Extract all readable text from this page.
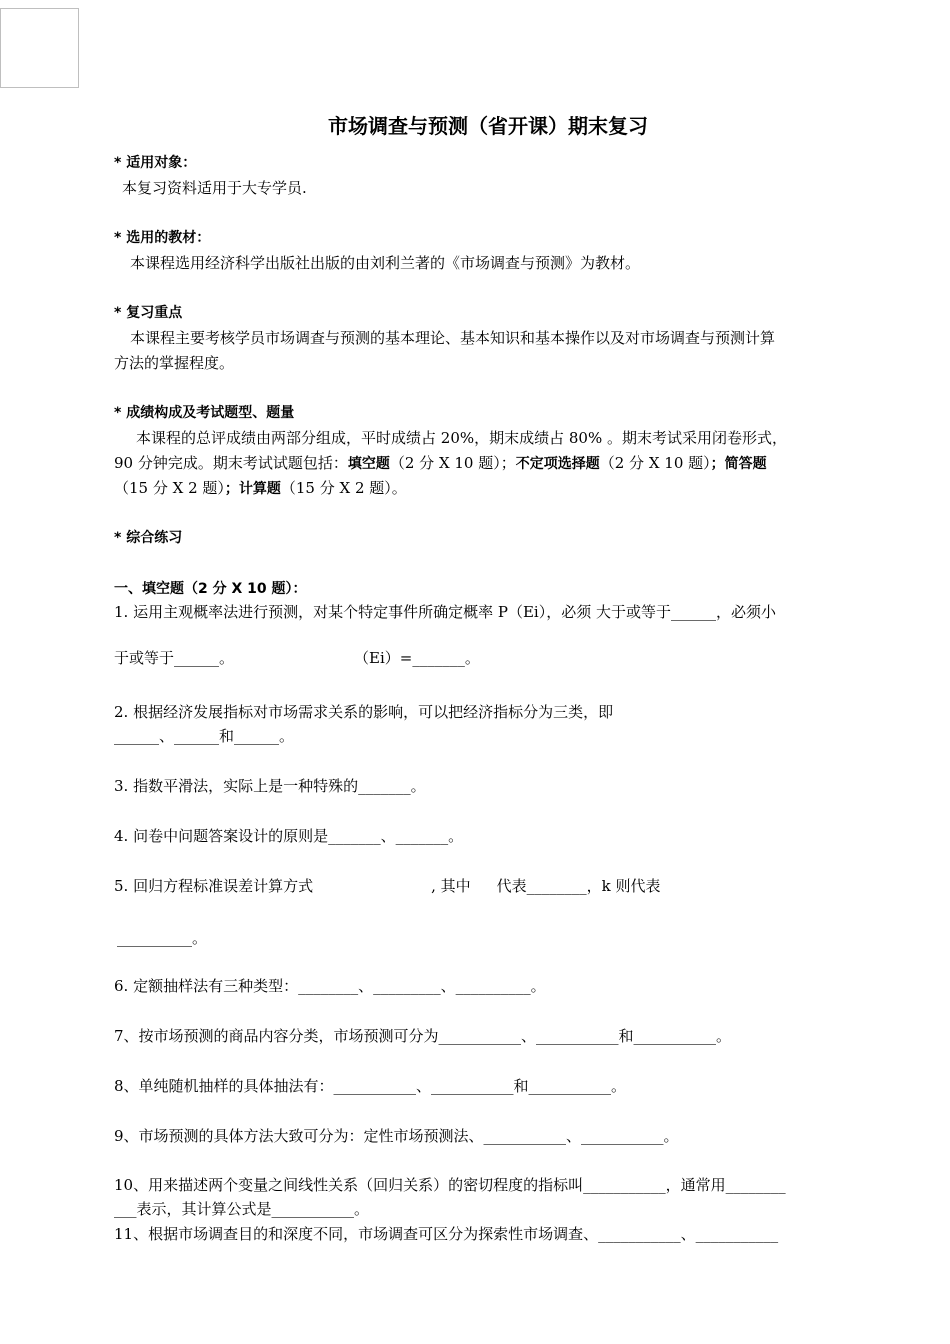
市场调查与预测（省开课）期末复习
* 适用对象：
本复习资料适用于大专学员.
* 选用的教材：
本课程选用经济科学出版社出版的由刘利兰著的《市场调查与预测》为教材。
* 复习重点
本课程主要考核学员市场调查与预测的基本理论、基本知识和基本操作以及对市场调查与预测计算
方法的掌握程度。
* 成绩构成及考试题型、题量
本课程的总评成绩由两部分组成，平时成绩占 20%，期末成绩占 80% 。期末考试采用闭卷形式，
90 分钟完成。期末考试试题包括：填空题（2 分 X 10 题）；不定项选择题（2 分 X 10 题）；简答题
（15 分 X 2 题）；计算题（15 分 X 2 题）。
* 综合练习
一、填空题（2 分 X 10 题）：
1. 运用主观概率法进行预测，对某个特定事件所确定概率 P（Ei），必须 大于或等于______，必须小
于或等于______。	（Ei）=_______。
2. 根据经济发展指标对市场需求关系的影响，可以把经济指标分为三类，即
______、______和______。
3. 指数平滑法，实际上是一种特殊的_______。
4. 问卷中问题答案设计的原则是_______、_______。
5. 回归方程标准误差计算方式	, 其中 代表________，k 则代表
__________。
6. 定额抽样法有三种类型：________、_________、__________。
7、按市场预测的商品内容分类，市场预测可分为___________、___________和___________。
8、单纯随机抽样的具体抽法有：___________、___________和___________。
9、市场预测的具体方法大致可分为：定性市场预测法、___________、___________。
10、用来描述两个变量之间线性关系（回归关系）的密切程度的指标叫___________，通常用________
___表示，其计算公式是___________。
11、根据市场调查目的和深度不同，市场调查可区分为探索性市场调查、___________、___________
